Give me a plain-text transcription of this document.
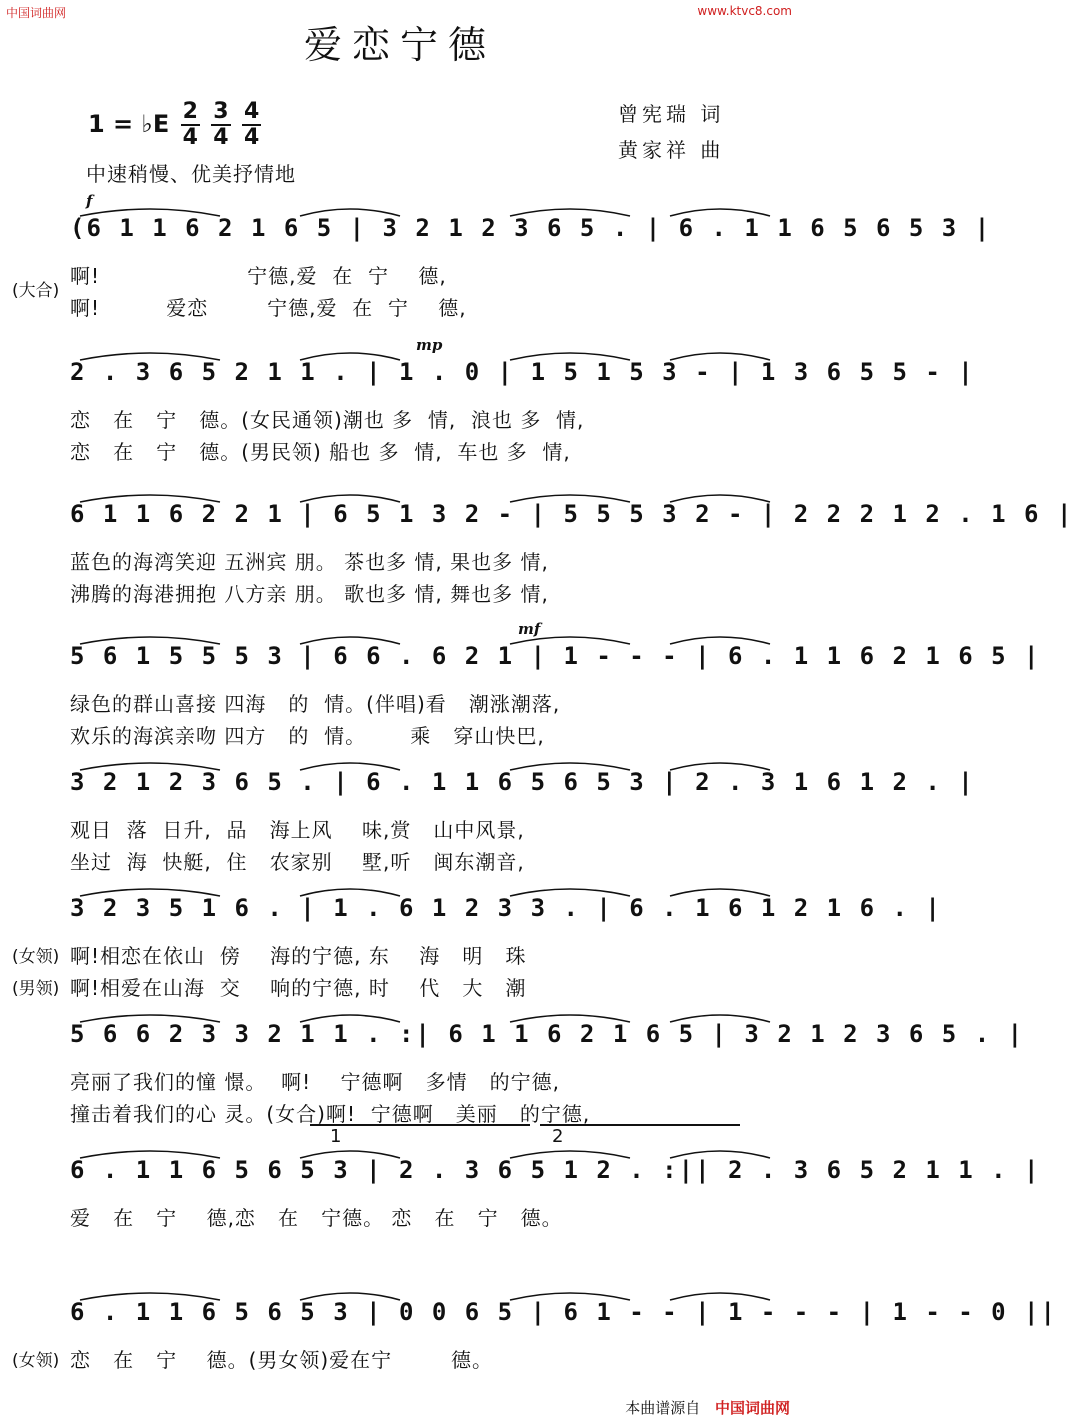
中国词曲网	www.ktvc8.com
爱恋宁德
1 = ♭E $\frac{2}{4}$
$\frac{3}{4}$
$\frac{4}{4}$	曾宪瑞 词
黄家祥 曲
中速稍慢、优美抒情地
(6 1 1 6 2 1 6 5 | 3 2 1 2 3 6 5 . | 6 . 1 1 6 5 6 5 3 |
f
啊!                    宁德,爱  在  宁    德,
啊!         爱恋        宁德,爱  在  宁    德,
(大合)
2 . 3 6 5 2 1 1 . | 1 . 0 | 1 5 1 5 3 - | 1 3 6 5 5 - |
mp
恋   在   宁   德。(女民通领)潮也 多  情,  浪也 多  情,
恋   在   宁   德。(男民领) 船也 多  情,  车也 多  情,
6 1 1 6 2 2 1 | 6 5 1 3 2 - | 5 5 5 3 2 - | 2 2 2 1 2 . 1 6 |
蓝色的海湾笑迎 五洲宾 朋。 茶也多 情, 果也多 情,
沸腾的海港拥抱 八方亲 朋。 歌也多 情, 舞也多 情,
5 6 1 5 5 5 3 | 6 6 . 6 2 1 | 1 - - - | 6 . 1 1 6 2 1 6 5 |
mf
绿色的群山喜接 四海   的  情。(伴唱)看   潮涨潮落,
欢乐的海滨亲吻 四方   的  情。      乘   穿山快巴,
3 2 1 2 3 6 5 . | 6 . 1 1 6 5 6 5 3 | 2 . 3 1 6 1 2 . |
观日  落  日升,  品   海上风    味,赏   山中风景,
坐过  海  快艇,  住   农家别    墅,听   闽东潮音,
3 2 3 5 1 6 . | 1 . 6 1 2 3 3 . | 6 . 1 6 1 2 1 6 . |
啊!相恋在依山  傍    海的宁德, 东    海   明   珠
啊!相爱在山海  交    响的宁德, 时    代   大   潮
(女领)
(男领)
5 6 6 2 3 3 2 1 1 . :| 6 1 1 6 2 1 6 5 | 3 2 1 2 3 6 5 . |
亮丽了我们的憧 憬。  啊!    宁德啊   多情   的宁德,
撞击着我们的心 灵。(女合)啊!  宁德啊   美丽   的宁德,
6 . 1 1 6 5 6 5 3 | 2 . 3 6 5 1 2 . :|| 2 . 3 6 5 2 1 1 . |
1	2
爱   在   宁    德,恋   在   宁德。 恋   在   宁   德。
6 . 1 1 6 5 6 5 3 | 0 0 6 5 | 6 1 - - | 1 - - - | 1 - - 0 ||
恋   在   宁    德。(男女领)爱在宁        德。
(女领)
本曲谱源自 中国词曲网
